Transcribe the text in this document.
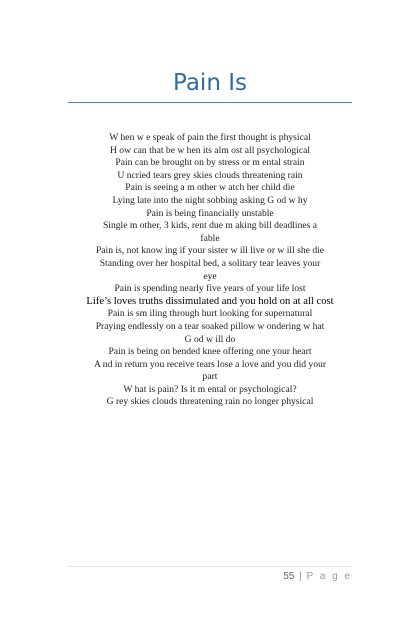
Pain Is
W hen w e speak of pain the first thought is physical
H ow can that be w hen its alm ost all psychological
Pain can be brought on by stress or m ental strain
U ncried tears grey skies clouds threatening rain
Pain is seeing a m other w atch her child die
Lying late into the night sobbing asking G od w hy
Pain is being financially unstable
Single m other, 3 kids, rent due m aking bill deadlines a
fable
Pain is, not know ing if your sister w ill live or w ill she die
Standing over her hospital bed, a solitary tear leaves your
eye
Pain is spending nearly five years of your life lost
Life’s loves truths dissimulated and you hold on at all cost
Pain is sm iling through hurt looking for supernatural
Praying endlessly on a tear soaked pillow w ondering w hat
G od w ill do
Pain is being on bended knee offering one your heart
A nd in return you receive tears lose a love and you did your
part
W hat is pain? Is it m ental or psychological?
G rey skies clouds threatening rain no longer physical
55 | P a g e
